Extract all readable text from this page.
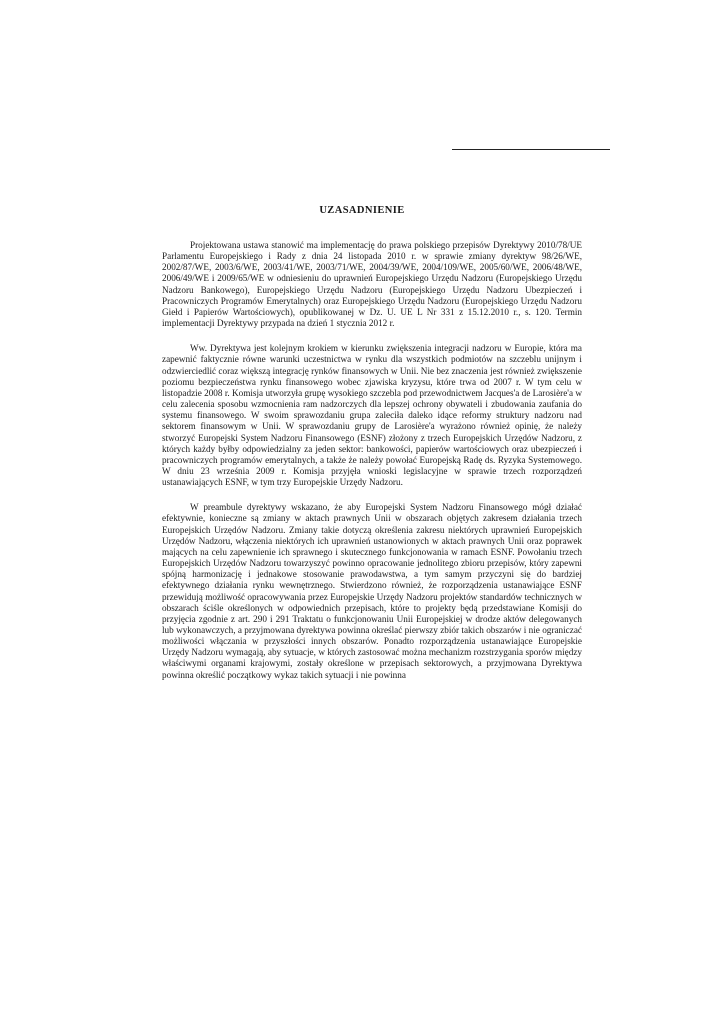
UZASADNIENIE

Projektowana ustawa stanowić ma implementację do prawa polskiego przepisów Dyrektywy 2010/78/UE Parlamentu Europejskiego i Rady z dnia 24 listopada 2010 r. w sprawie zmiany dyrektyw 98/26/WE, 2002/87/WE, 2003/6/WE, 2003/41/WE, 2003/71/WE, 2004/39/WE, 2004/109/WE, 2005/60/WE, 2006/48/WE, 2006/49/WE i 2009/65/WE w odniesieniu do uprawnień Europejskiego Urzędu Nadzoru (Europejskiego Urzędu Nadzoru Bankowego), Europejskiego Urzędu Nadzoru (Europejskiego Urzędu Nadzoru Ubezpieczeń i Pracowniczych Programów Emerytalnych) oraz Europejskiego Urzędu Nadzoru (Europejskiego Urzędu Nadzoru Giełd i Papierów Wartościowych), opublikowanej w Dz. U. UE L Nr 331 z 15.12.2010 r., s. 120. Termin implementacji Dyrektywy przypada na dzień 1 stycznia 2012 r.

Ww. Dyrektywa jest kolejnym krokiem w kierunku zwiększenia integracji nadzoru w Europie, która ma zapewnić faktycznie równe warunki uczestnictwa w rynku dla wszystkich podmiotów na szczeblu unijnym i odzwierciedlić coraz większą integrację rynków finansowych w Unii. Nie bez znaczenia jest również zwiększenie poziomu bezpieczeństwa rynku finansowego wobec zjawiska kryzysu, które trwa od 2007 r. W tym celu w listopadzie 2008 r. Komisja utworzyła grupę wysokiego szczebla pod przewodnictwem Jacques'a de Larosière'a w celu zalecenia sposobu wzmocnienia ram nadzorczych dla lepszej ochrony obywateli i zbudowania zaufania do systemu finansowego. W swoim sprawozdaniu grupa zaleciła daleko idące reformy struktury nadzoru nad sektorem finansowym w Unii. W sprawozdaniu grupy de Larosière'a wyrażono również opinię, że należy stworzyć Europejski System Nadzoru Finansowego (ESNF) złożony z trzech Europejskich Urzędów Nadzoru, z których każdy byłby odpowiedzialny za jeden sektor: bankowości, papierów wartościowych oraz ubezpieczeń i pracowniczych programów emerytalnych, a także że należy powołać Europejską Radę ds. Ryzyka Systemowego. W dniu 23 września 2009 r. Komisja przyjęła wnioski legislacyjne w sprawie trzech rozporządzeń ustanawiających ESNF, w tym trzy Europejskie Urzędy Nadzoru.

W preambule dyrektywy wskazano, że aby Europejski System Nadzoru Finansowego mógł działać efektywnie, konieczne są zmiany w aktach prawnych Unii w obszarach objętych zakresem działania trzech Europejskich Urzędów Nadzoru. Zmiany takie dotyczą określenia zakresu niektórych uprawnień Europejskich Urzędów Nadzoru, włączenia niektórych ich uprawnień ustanowionych w aktach prawnych Unii oraz poprawek mających na celu zapewnienie ich sprawnego i skutecznego funkcjonowania w ramach ESNF. Powołaniu trzech Europejskich Urzędów Nadzoru towarzyszyć powinno opracowanie jednolitego zbioru przepisów, który zapewni spójną harmonizację i jednakowe stosowanie prawodawstwa, a tym samym przyczyni się do bardziej efektywnego działania rynku wewnętrznego. Stwierdzono również, że rozporządzenia ustanawiające ESNF przewidują możliwość opracowywania przez Europejskie Urzędy Nadzoru projektów standardów technicznych w obszarach ściśle określonych w odpowiednich przepisach, które to projekty będą przedstawiane Komisji do przyjęcia zgodnie z art. 290 i 291 Traktatu o funkcjonowaniu Unii Europejskiej w drodze aktów delegowanych lub wykonawczych, a przyjmowana dyrektywa powinna określać pierwszy zbiór takich obszarów i nie ograniczać możliwości włączania w przyszłości innych obszarów. Ponadto rozporządzenia ustanawiające Europejskie Urzędy Nadzoru wymagają, aby sytuacje, w których zastosować można mechanizm rozstrzygania sporów między właściwymi organami krajowymi, zostały określone w przepisach sektorowych, a przyjmowana Dyrektywa powinna określić początkowy wykaz takich sytuacji i nie powinna
